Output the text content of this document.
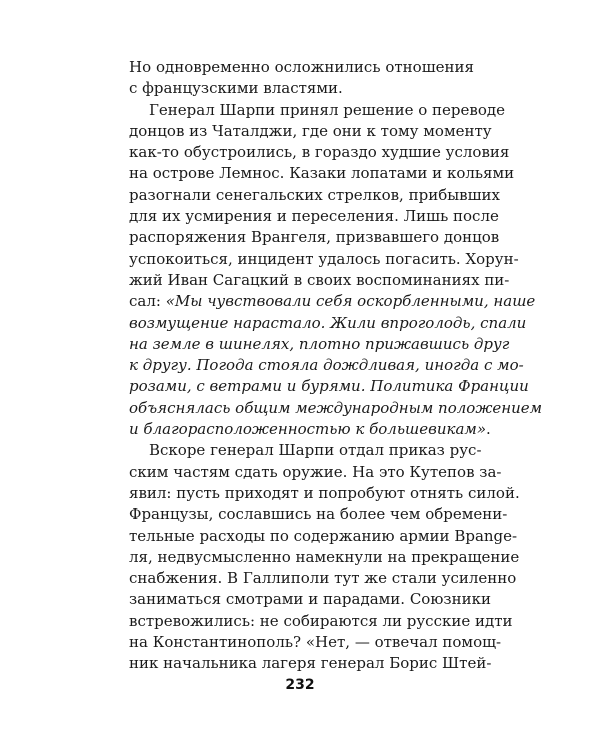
Но одновременно осложнились отношения
с французскими властями.
Генерал Шарпи принял решение о переводе
донцов из Чаталджи, где они к тому моменту
как-то обустроились, в гораздо худшие условия
на острове Лемнос. Казаки лопатами и кольями
разогнали сенегальских стрелков, прибывших
для их усмирения и переселения. Лишь после
распоряжения Врангеля, призвавшего донцов
успокоиться, инцидент удалось погасить. Хорун-
жий Иван Сагацкий в своих воспоминаниях пи-
сал: «Мы чувствовали себя оскорбленными, наше
возмущение нарастало. Жили впроголодь, спали
на земле в шинелях, плотно прижавшись друг
к другу. Погода стояла дождливая, иногда с мо-
розами, с ветрами и бурями. Политика Франции
объяснялась общим международным положением
и благорасположенностью к большевикам».
Вскоре генерал Шарпи отдал приказ рус-
ским частям сдать оружие. На это Кутепов за-
явил: пусть приходят и попробуют отнять силой.
Французы, сославшись на более чем обремени-
тельные расходы по содержанию армии Врange-
ля, недвусмысленно намекнули на прекращение
снабжения. В Галлиполи тут же стали усиленно
заниматься смотрами и парадами. Союзники
встревожились: не собираются ли русские идти
на Константинополь? «Нет, — отвечал помощ-
ник начальника лагеря генерал Борис Штей-
232
